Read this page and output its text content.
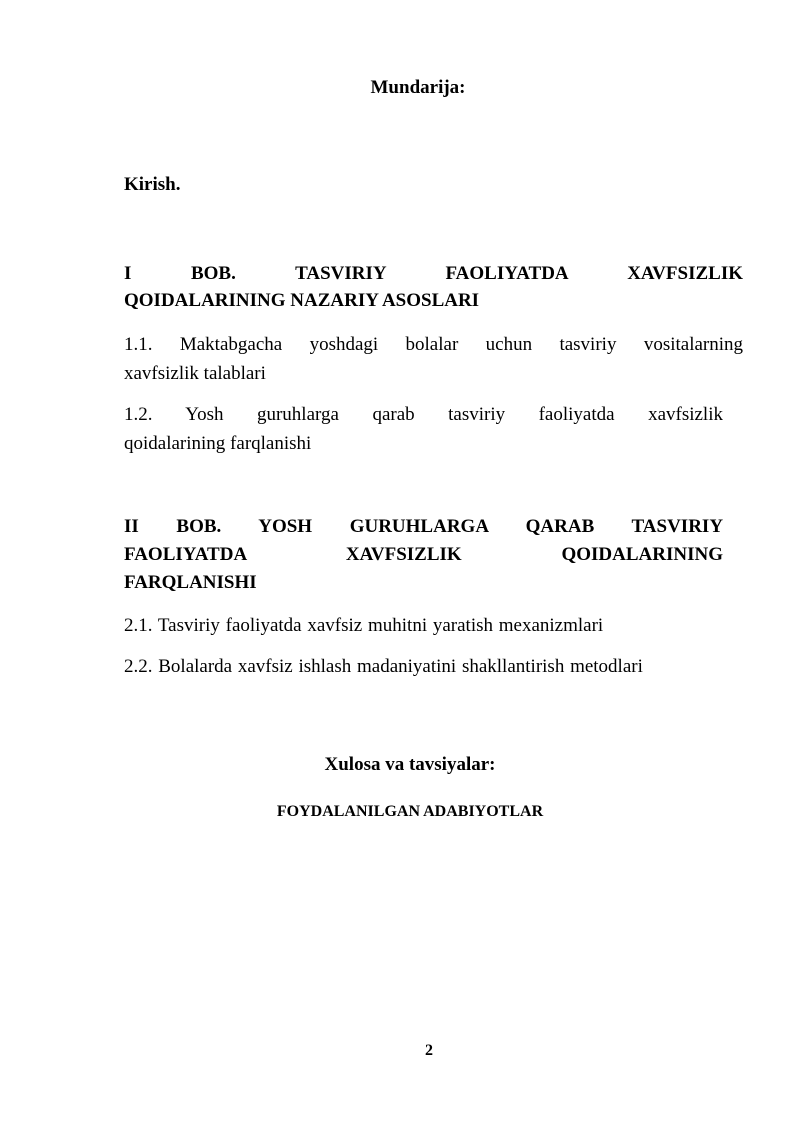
Mundarija:

Kirish.

I	BOB.	TASVIRIY	FAOLIYATDA	XAVFSIZLIK

QOIDALARINING NAZARIY ASOSLARI

1.1. Maktabgacha yoshdagi bolalar uchun tasviriy vositalarning

xavfsizlik talablari

1.2. Yosh guruhlarga qarab tasviriy faoliyatda xavfsizlik

qoidalarining farqlanishi

II BOB. YOSH GURUHLARGA QARAB TASVIRIY
FAOLIYATDA	XAVFSIZLIK	QOIDALARINING

FARQLANISHI

2.1. Tasviriy faoliyatda xavfsiz muhitni yaratish mexanizmlari

2.2. Bolalarda xavfsiz ishlash madaniyatini shakllantirish metodlari

Xulosa va tavsiyalar:

FOYDALANILGAN ADABIYOTLAR

2
